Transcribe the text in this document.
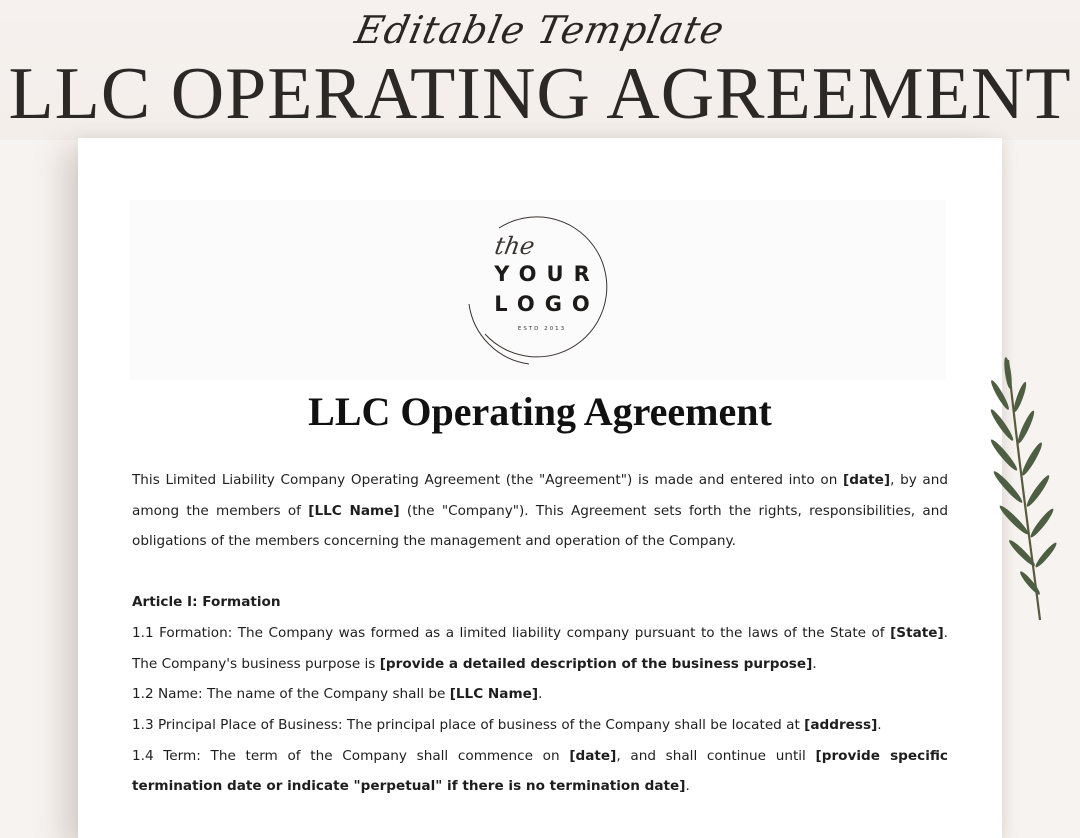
Editable Template
LLC OPERATING AGREEMENT
the
YOUR
LOGO
ESTD 2013
LLC Operating Agreement

This Limited Liability Company Operating Agreement (the "Agreement") is made and entered into on [date], by and among the members of [LLC Name] (the "Company"). This Agreement sets forth the rights, responsibilities, and obligations of the members concerning the management and operation of the Company.

Article I: Formation

1.1 Formation: The Company was formed as a limited liability company pursuant to the laws of the State of [State]. The Company's business purpose is [provide a detailed description of the business purpose].

1.2 Name: The name of the Company shall be [LLC Name].

1.3 Principal Place of Business: The principal place of business of the Company shall be located at [address].

1.4 Term: The term of the Company shall commence on [date], and shall continue until [provide specific termination date or indicate "perpetual" if there is no termination date].
